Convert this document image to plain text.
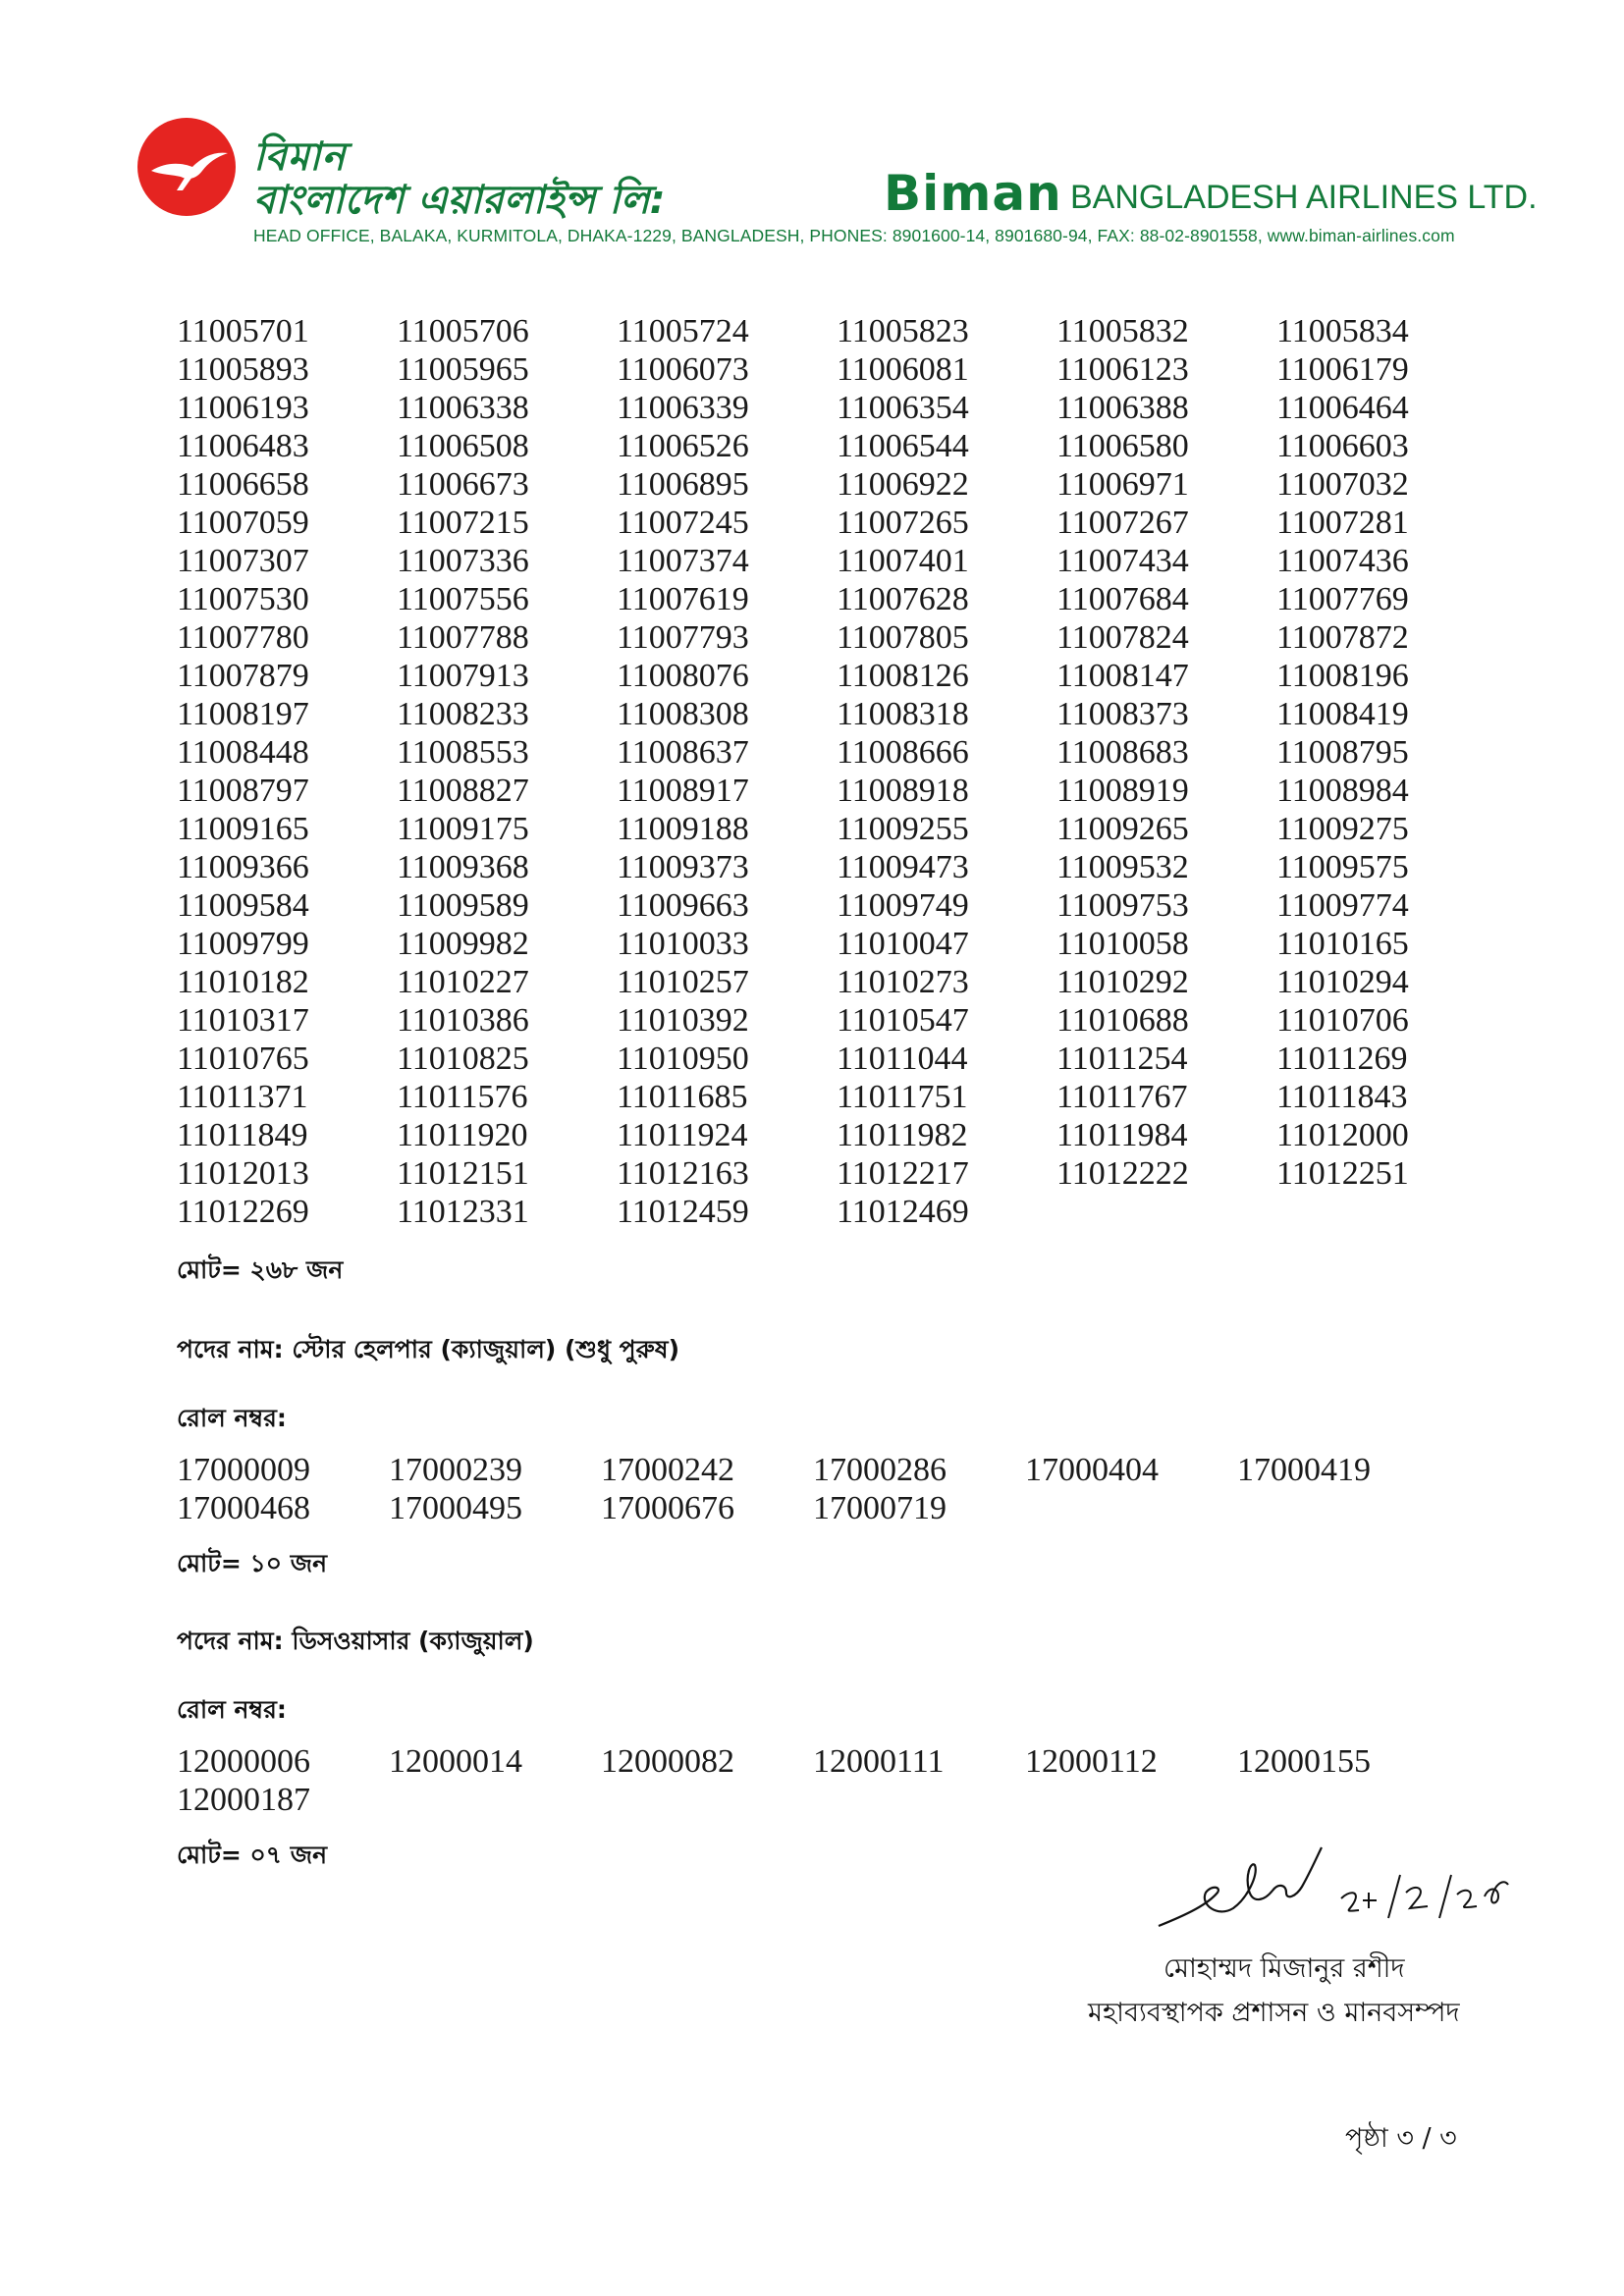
বিমান
বাংলাদেশ এয়ারলাইন্স লি:	Biman BANGLADESH AIRLINES LTD.
HEAD OFFICE, BALAKA, KURMITOLA, DHAKA-1229, BANGLADESH, PHONES: 8901600-14, 8901680-94, FAX: 88-02-8901558, www.biman-airlines.com
11005701	11005706	11005724	11005823	11005832	11005834
11005893	11005965	11006073	11006081	11006123	11006179
11006193	11006338	11006339	11006354	11006388	11006464
11006483	11006508	11006526	11006544	11006580	11006603
11006658	11006673	11006895	11006922	11006971	11007032
11007059	11007215	11007245	11007265	11007267	11007281
11007307	11007336	11007374	11007401	11007434	11007436
11007530	11007556	11007619	11007628	11007684	11007769
11007780	11007788	11007793	11007805	11007824	11007872
11007879	11007913	11008076	11008126	11008147	11008196
11008197	11008233	11008308	11008318	11008373	11008419
11008448	11008553	11008637	11008666	11008683	11008795
11008797	11008827	11008917	11008918	11008919	11008984
11009165	11009175	11009188	11009255	11009265	11009275
11009366	11009368	11009373	11009473	11009532	11009575
11009584	11009589	11009663	11009749	11009753	11009774
11009799	11009982	11010033	11010047	11010058	11010165
11010182	11010227	11010257	11010273	11010292	11010294
11010317	11010386	11010392	11010547	11010688	11010706
11010765	11010825	11010950	11011044	11011254	11011269
11011371	11011576	11011685	11011751	11011767	11011843
11011849	11011920	11011924	11011982	11011984	11012000
11012013	11012151	11012163	11012217	11012222	11012251
11012269	11012331	11012459	11012469
মোট= ২৬৮ জন
পদের নাম: স্টোর হেলপার (ক্যাজুয়াল) (শুধু পুরুষ)
রোল নম্বর:
17000009	17000239	17000242	17000286	17000404	17000419
17000468	17000495	17000676	17000719
মোট= ১০ জন
পদের নাম: ডিসওয়াসার (ক্যাজুয়াল)
রোল নম্বর:
12000006	12000014	12000082	12000111	12000112	12000155
12000187
মোট= ০৭ জন
মোহাম্মদ মিজানুর রশীদ
মহাব্যবস্থাপক প্রশাসন ও মানবসম্পদ
পৃষ্ঠা ৩ / ৩
